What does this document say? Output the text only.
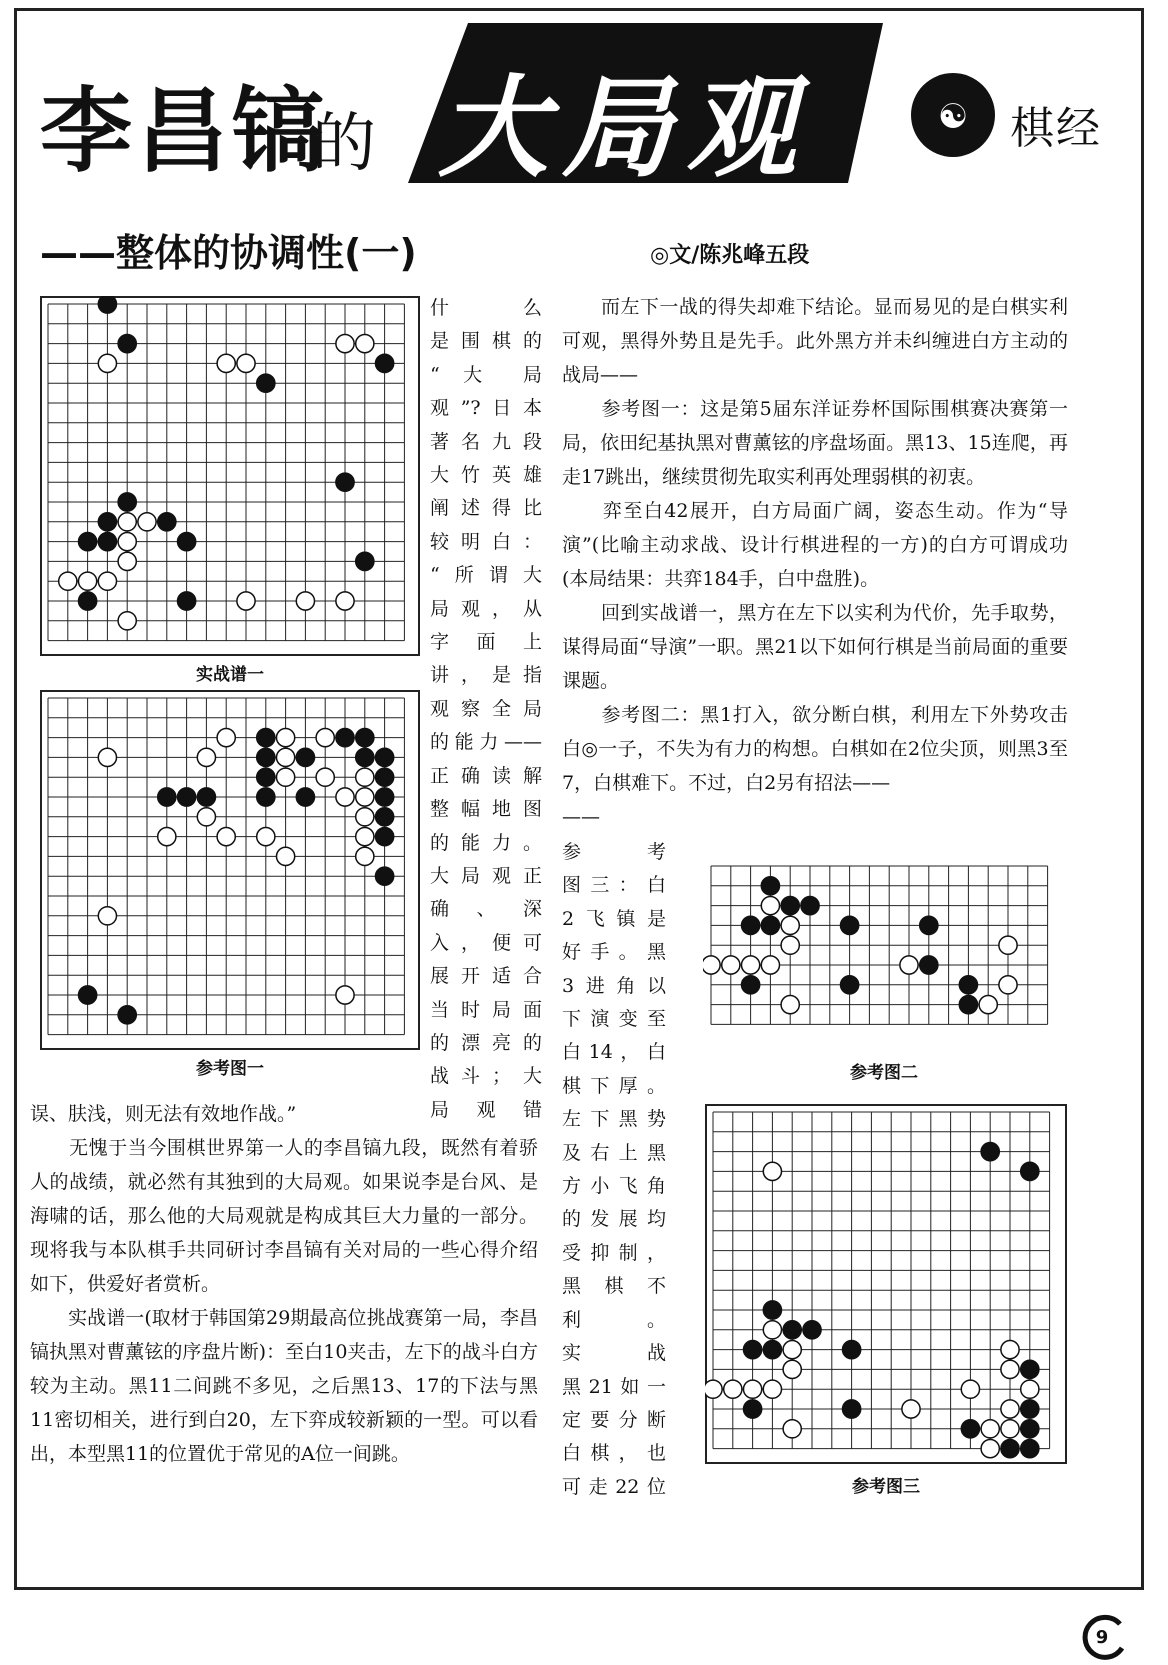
李昌镐
的 大局观	☯ 棋经
——整体的协调性(一)	◎文/陈兆峰五段
实战谱一
参考图一	参考图二
参考图三
什 么
是围棋的
“ 大 局
观”?日本
著名九段
大竹英雄
阐述得比
较明白：
“所谓大
局观，从
字 面 上
讲，是指
观察全局
的能力——
正确读解
整幅地图
的能力。
大局观正
确 、 深
入，便可
展开适合
当时局面
的漂亮的
战斗；大
局 观 错
参 考
图三：白
2飞镇是
好手。黑
3进角以
下演变至
白14，白
棋下厚。
左下黑势
及右上黑
方小飞角
的发展均
受抑制，
黑 棋 不
利。
实 战
黑21如一
定要分断
白棋，也
可走22位

误、肤浅，则无法有效地作战。”

　　无愧于当今围棋世界第一人的李昌镐九段，既然有着骄人的战绩，就必然有其独到的大局观。如果说李是台风、是海啸的话，那么他的大局观就是构成其巨大力量的一部分。现将我与本队棋手共同研讨李昌镐有关对局的一些心得介绍如下，供爱好者赏析。

　　实战谱一(取材于韩国第29期最高位挑战赛第一局，李昌镐执黑对曹薰铉的序盘片断)：至白10夹击，左下的战斗白方较为主动。黑11二间跳不多见，之后黑13、17的下法与黑11密切相关，进行到白20，左下弈成较新颖的一型。可以看出，本型黑11的位置优于常见的A位一间跳。

　　而左下一战的得失却难下结论。显而易见的是白棋实利可观，黑得外势且是先手。此外黑方并未纠缠进白方主动的战局——

　　参考图一：这是第5届东洋证券杯国际围棋赛决赛第一局，依田纪基执黑对曹薰铉的序盘场面。黑13、15连爬，再走17跳出，继续贯彻先取实利再处理弱棋的初衷。

　　弈至白42展开，白方局面广阔，姿态生动。作为“导演”(比喻主动求战、设计行棋进程的一方)的白方可谓成功(本局结果：共弈184手，白中盘胜)。

　　回到实战谱一，黑方在左下以实利为代价，先手取势，谋得局面“导演”一职。黑21以下如何行棋是当前局面的重要课题。

　　参考图二：黑1打入，欲分断白棋，利用左下外势攻击白◎一子，不失为有力的构想。白棋如在2位尖顶，则黑3至7，白棋难下。不过，白2另有招法——

——
9
